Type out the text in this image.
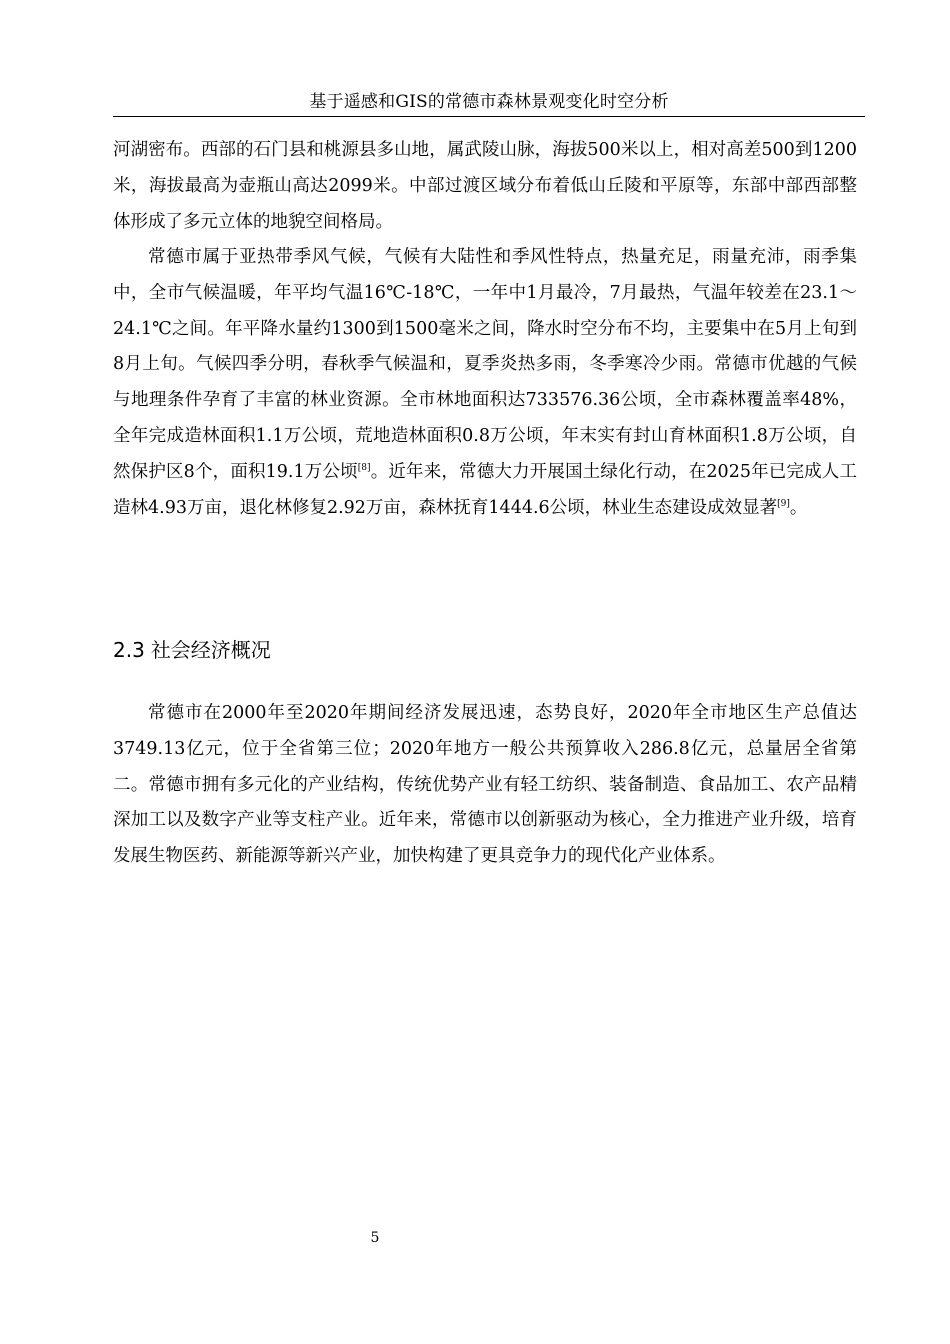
基于遥感和GIS的常德市森林景观变化时空分析

河湖密布。西部的石门县和桃源县多山地，属武陵山脉，海拔500米以上，相对高差500到1200米，海拔最高为壶瓶山高达2099米。中部过渡区域分布着低山丘陵和平原等，东部中部西部整体形成了多元立体的地貌空间格局。

常德市属于亚热带季风气候，气候有大陆性和季风性特点，热量充足，雨量充沛，雨季集中，全市气候温暖，年平均气温16℃-18℃，一年中1月最冷，7月最热，气温年较差在23.1～24.1℃之间。年平降水量约1300到1500毫米之间，降水时空分布不均，主要集中在5月上旬到8月上旬。气候四季分明，春秋季气候温和，夏季炎热多雨，冬季寒冷少雨。常德市优越的气候与地理条件孕育了丰富的林业资源。全市林地面积达733576.36公顷，全市森林覆盖率48%，全年完成造林面积1.1万公顷，荒地造林面积0.8万公顷，年末实有封山育林面积1.8万公顷，自然保护区8个，面积19.1万公顷[8]。近年来，常德大力开展国土绿化行动，在2025年已完成人工造林4.93万亩，退化林修复2.92万亩，森林抚育1444.6公顷，林业生态建设成效显著[9]。

2.3 社会经济概况

常德市在2000年至2020年期间经济发展迅速，态势良好，2020年全市地区生产总值达3749.13亿元，位于全省第三位；2020年地方一般公共预算收入286.8亿元，总量居全省第二。常德市拥有多元化的产业结构，传统优势产业有轻工纺织、装备制造、食品加工、农产品精深加工以及数字产业等支柱产业。近年来，常德市以创新驱动为核心，全力推进产业升级，培育发展生物医药、新能源等新兴产业，加快构建了更具竞争力的现代化产业体系。

5
